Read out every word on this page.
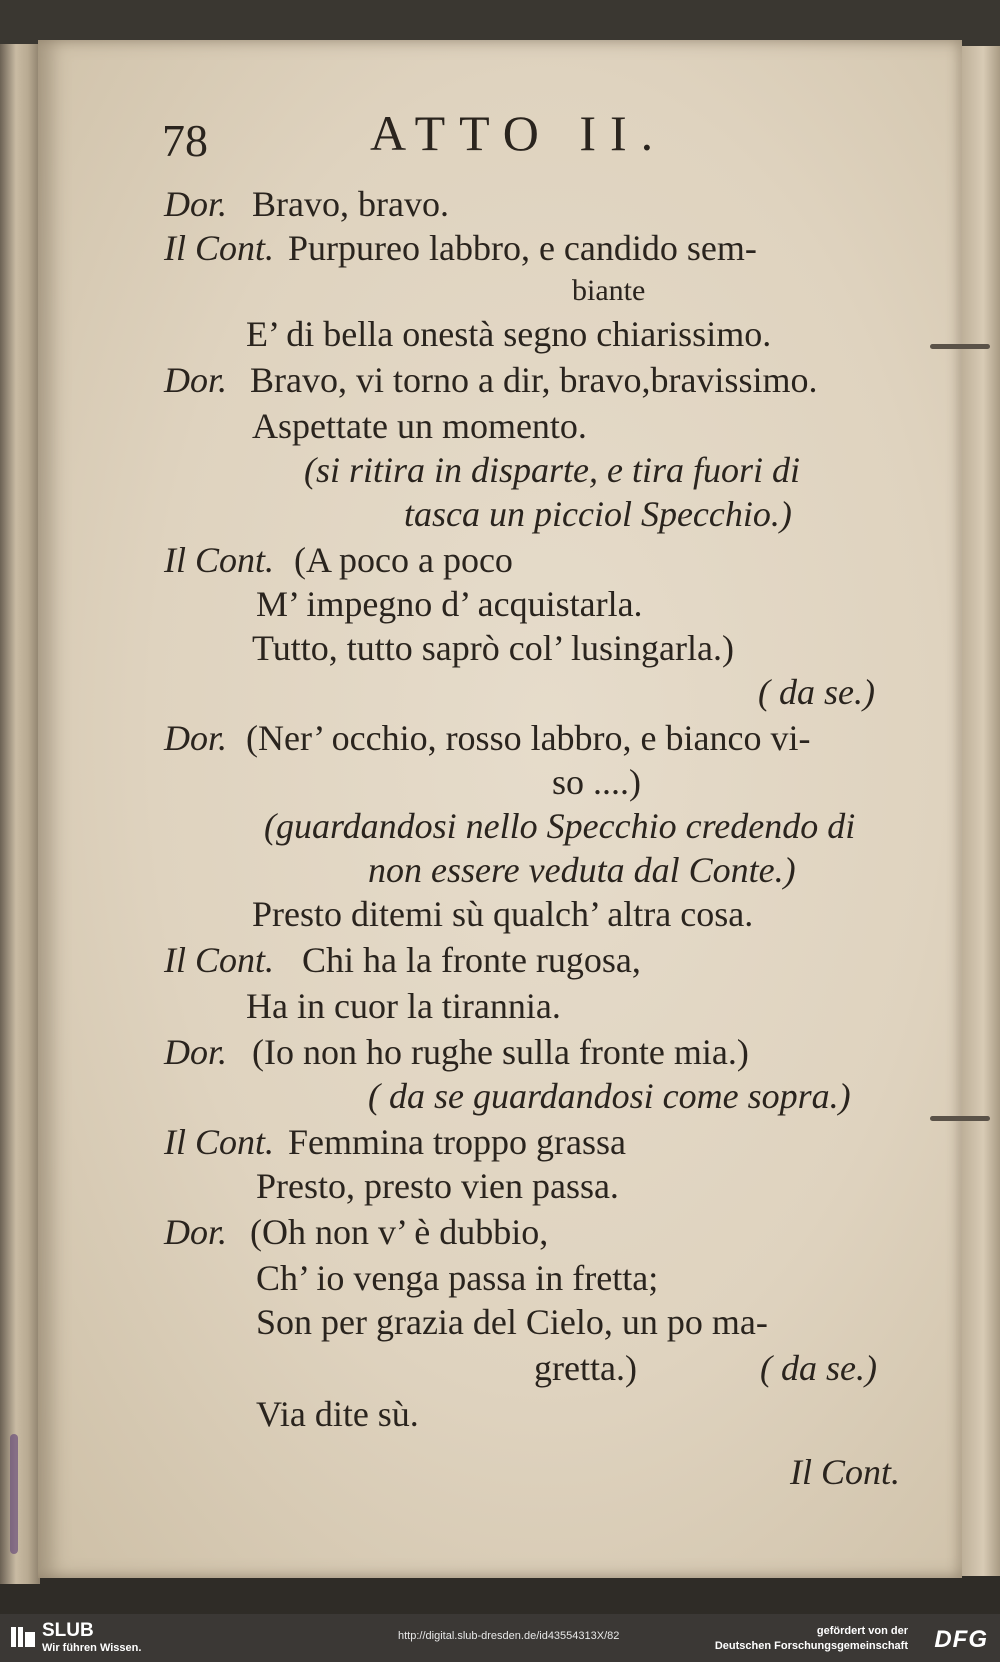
78	ATTO II.
Dor. Bravo, bravo.
Il Cont. Purpureo labbro, e candido sem-
biante
E’ di bella onestà segno chiarissimo.
Dor. Bravo, vi torno a dir, bravo,bravissimo.
Aspettate un momento.
(si ritira in disparte, e tira fuori di
tasca un picciol Specchio.)
Il Cont. (A poco a poco
M’ impegno d’ acquistarla.
Tutto, tutto saprò col’ lusingarla.)
( da se.)
Dor. (Ner’ occhio, rosso labbro, e bianco vi-
so ....)
(guardandosi nello Specchio credendo di
non essere veduta dal Conte.)
Presto ditemi sù qualch’ altra cosa.
Il Cont. Chi ha la fronte rugosa,
Ha in cuor la tirannia.
Dor. (Io non ho rughe sulla fronte mia.)
( da se guardandosi come sopra.)
Il Cont. Femmina troppo grassa
Presto, presto vien passa.
Dor. (Oh non v’ è dubbio,
Ch’ io venga passa in fretta;
Son per grazia del Cielo, un po ma-
gretta.)	( da se.)
Via dite sù.
Il Cont.
SLUB
Wir führen Wissen.
http://digital.slub-dresden.de/id43554313X/82	gefördert von der
Deutschen Forschungsgemeinschaft DFG
